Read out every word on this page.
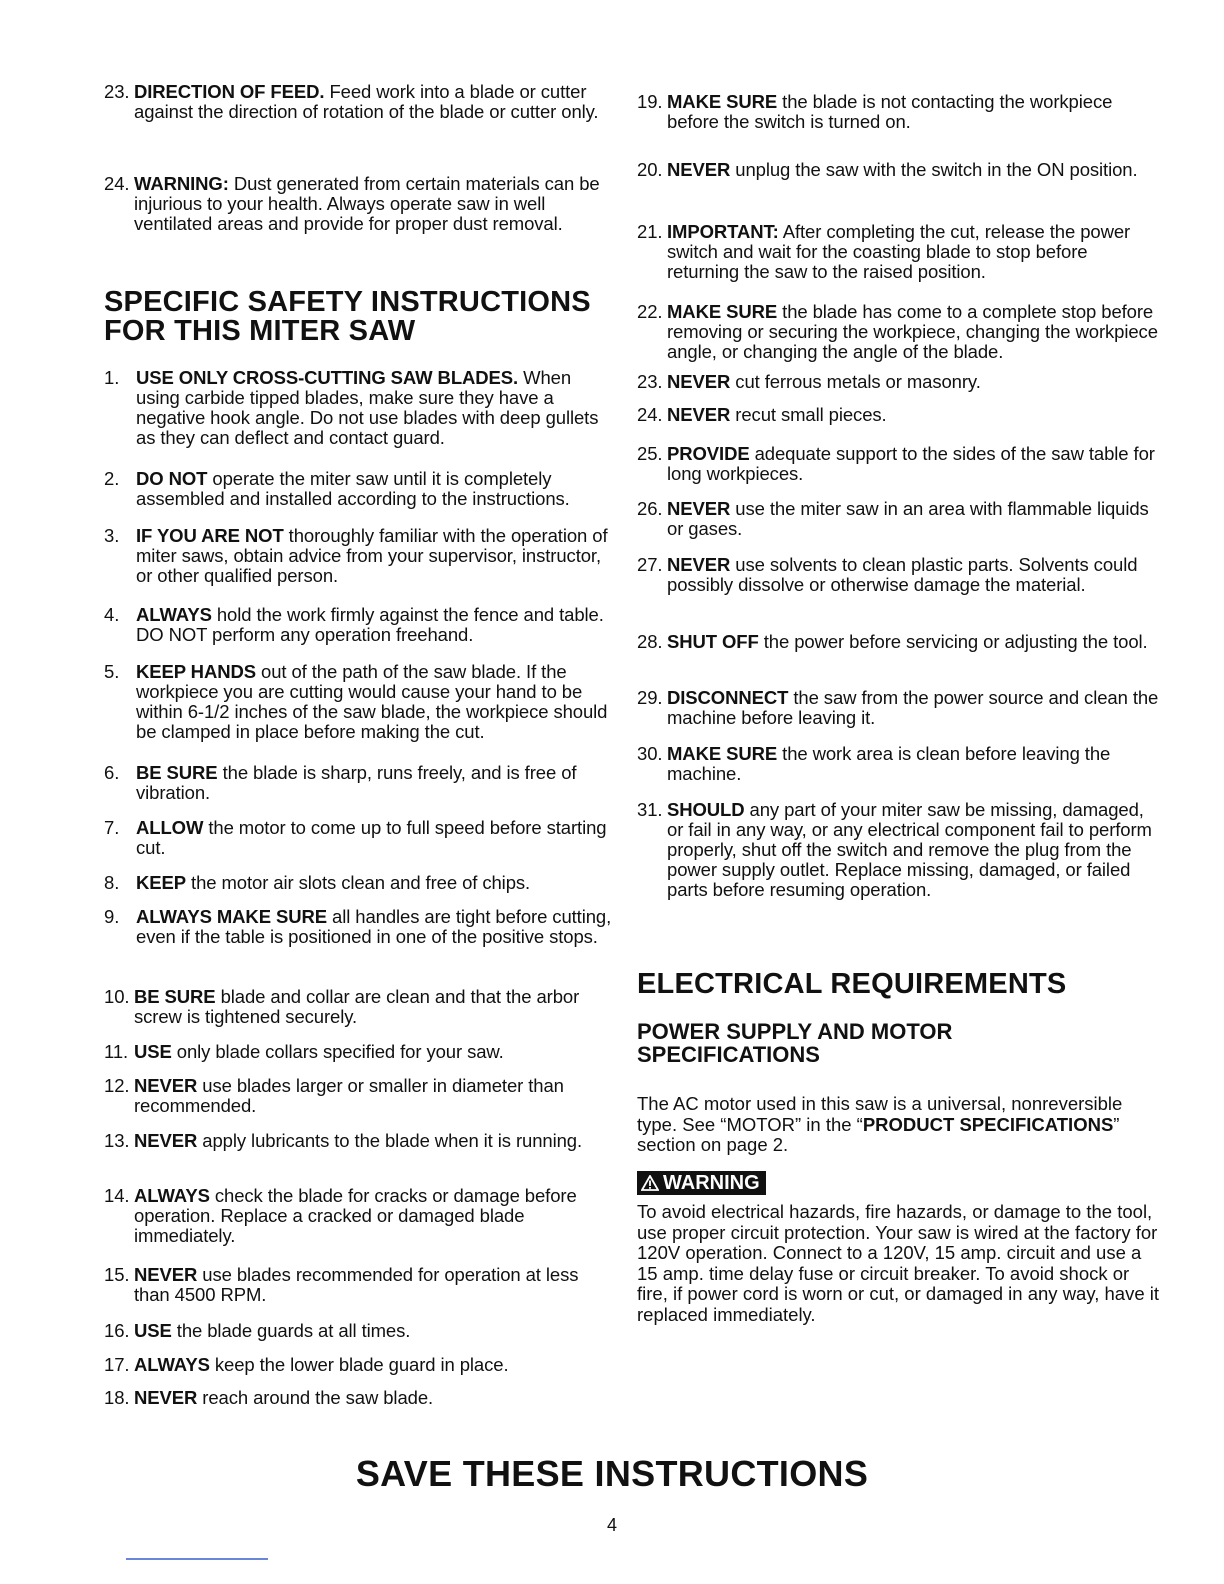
23. DIRECTION OF FEED. Feed work into a blade or cutter against the direction of rotation of the blade or cutter only.
24. WARNING: Dust generated from certain materials can be injurious to your health. Always operate saw in well ventilated areas and provide for proper dust removal.
SPECIFIC SAFETY INSTRUCTIONS
FOR THIS MITER SAW
1. USE ONLY CROSS-CUTTING SAW BLADES. When using carbide tipped blades, make sure they have a negative hook angle. Do not use blades with deep gullets as they can deflect and contact guard.
2. DO NOT operate the miter saw until it is completely assembled and installed according to the instructions.
3. IF YOU ARE NOT thoroughly familiar with the operation of miter saws, obtain advice from your supervisor, instructor, or other qualified person.
4. ALWAYS hold the work firmly against the fence and table. DO NOT perform any operation freehand.
5. KEEP HANDS out of the path of the saw blade. If the workpiece you are cutting would cause your hand to be within 6-1/2 inches of the saw blade, the workpiece should be clamped in place before making the cut.
6. BE SURE the blade is sharp, runs freely, and is free of vibration.
7. ALLOW the motor to come up to full speed before starting cut.
8. KEEP the motor air slots clean and free of chips.
9. ALWAYS MAKE SURE all handles are tight before cutting, even if the table is positioned in one of the positive stops.
10. BE SURE blade and collar are clean and that the arbor screw is tightened securely.
11. USE only blade collars specified for your saw.
12. NEVER use blades larger or smaller in diameter than recommended.
13. NEVER apply lubricants to the blade when it is running.
14. ALWAYS check the blade for cracks or damage before operation. Replace a cracked or damaged blade immediately.
15. NEVER use blades recommended for operation at less than 4500 RPM.
16. USE the blade guards at all times.
17. ALWAYS keep the lower blade guard in place.
18. NEVER reach around the saw blade.
19. MAKE SURE the blade is not contacting the workpiece before the switch is turned on.
20. NEVER unplug the saw with the switch in the ON position.
21. IMPORTANT: After completing the cut, release the power switch and wait for the coasting blade to stop before returning the saw to the raised position.
22. MAKE SURE the blade has come to a complete stop before removing or securing the workpiece, changing the workpiece angle, or changing the angle of the blade.
23. NEVER cut ferrous metals or masonry.
24. NEVER recut small pieces.
25. PROVIDE adequate support to the sides of the saw table for long workpieces.
26. NEVER use the miter saw in an area with flammable liquids or gases.
27. NEVER use solvents to clean plastic parts. Solvents could possibly dissolve or otherwise damage the material.
28. SHUT OFF the power before servicing or adjusting the tool.
29. DISCONNECT the saw from the power source and clean the machine before leaving it.
30. MAKE SURE the work area is clean before leaving the machine.
31. SHOULD any part of your miter saw be missing, damaged, or fail in any way, or any electrical component fail to perform properly, shut off the switch and remove the plug from the power supply outlet. Replace missing, damaged, or failed parts before resuming operation.
ELECTRICAL REQUIREMENTS
POWER SUPPLY AND MOTOR
SPECIFICATIONS
The AC motor used in this saw is a universal, nonreversible type. See “MOTOR” in the “PRODUCT SPECIFICATIONS” section on page 2.
WARNING
To avoid electrical hazards, fire hazards, or damage to the tool, use proper circuit protection. Your saw is wired at the factory for 120V operation. Connect to a 120V, 15 amp. circuit and use a 15 amp. time delay fuse or circuit breaker. To avoid shock or fire, if power cord is worn or cut, or damaged in any way, have it replaced immediately.
SAVE THESE INSTRUCTIONS
4
